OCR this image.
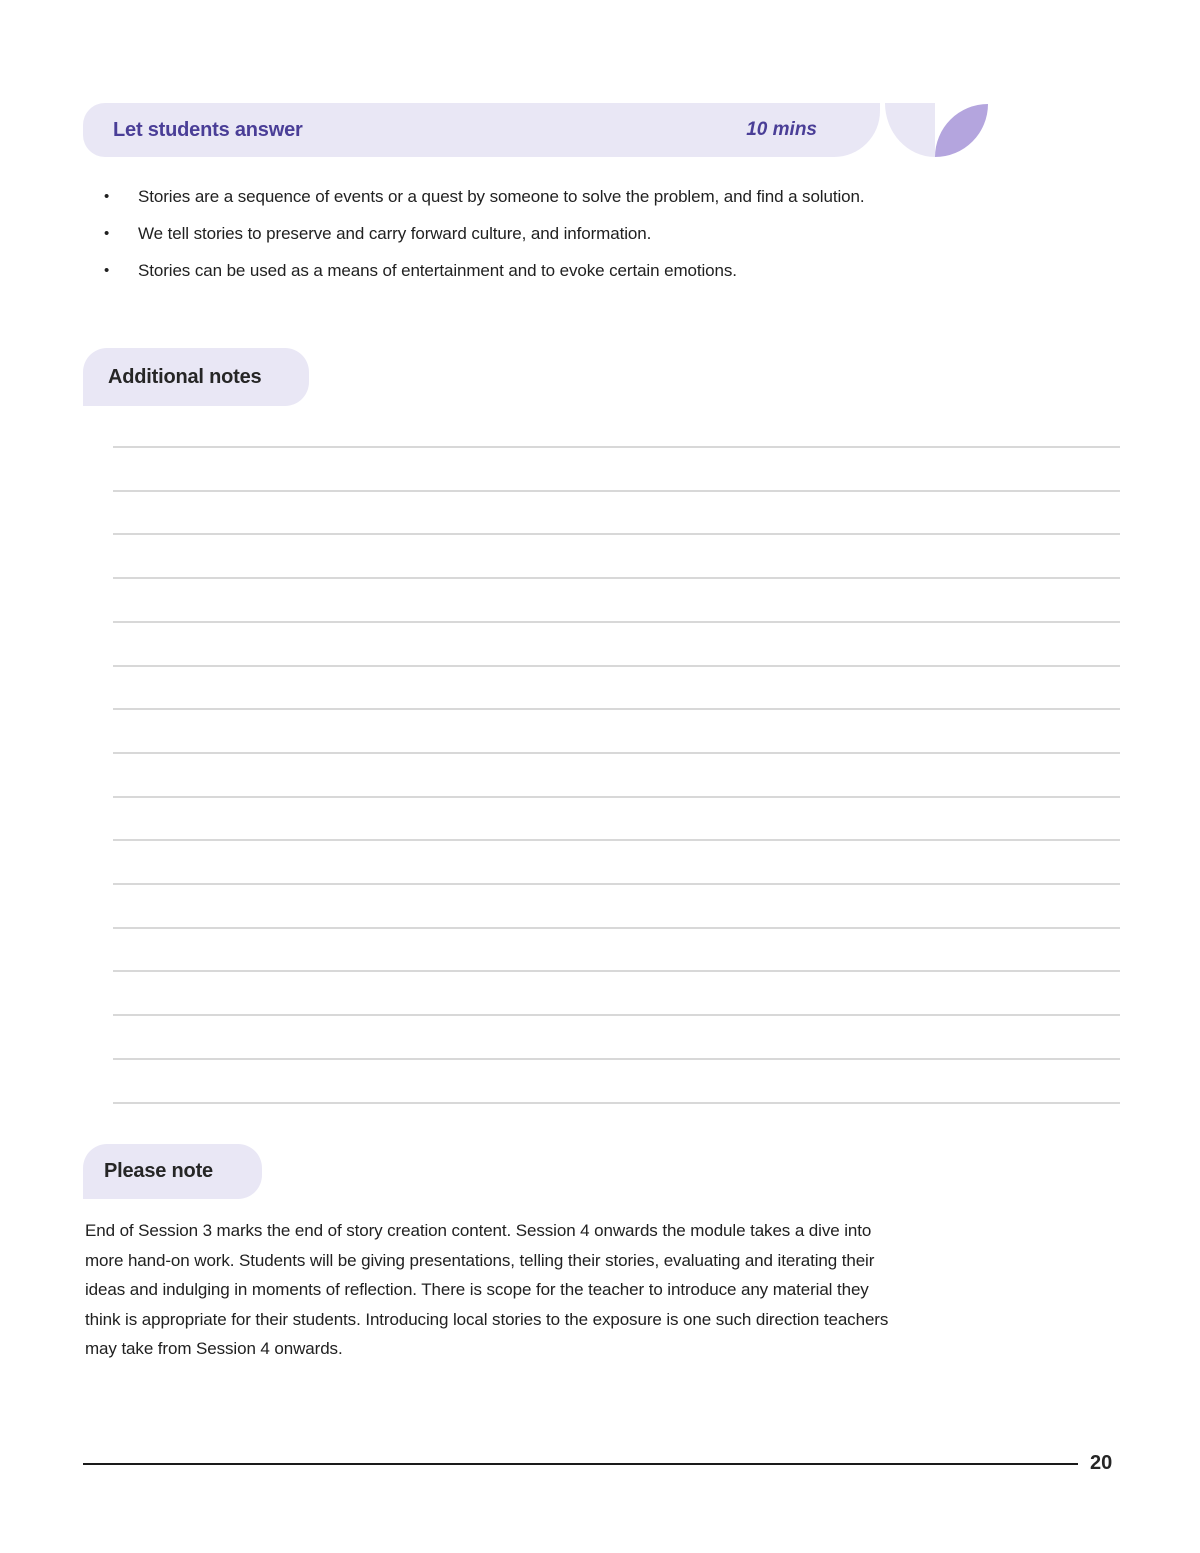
Let students answer	10 mins
• Stories are a sequence of events or a quest by someone to solve the problem, and find a solution.
• We tell stories to preserve and carry forward culture, and information.
• Stories can be used as a means of entertainment and to evoke certain emotions.
Additional notes
Please note

End of Session 3 marks the end of story creation content. Session 4 onwards the module takes a dive into more hand-on work. Students will be giving presentations, telling their stories, evaluating and iterating their ideas and indulging in moments of reflection. There is scope for the teacher to introduce any material they think is appropriate for their students. Introducing local stories to the exposure is one such direction teachers may take from Session 4 onwards.

20
